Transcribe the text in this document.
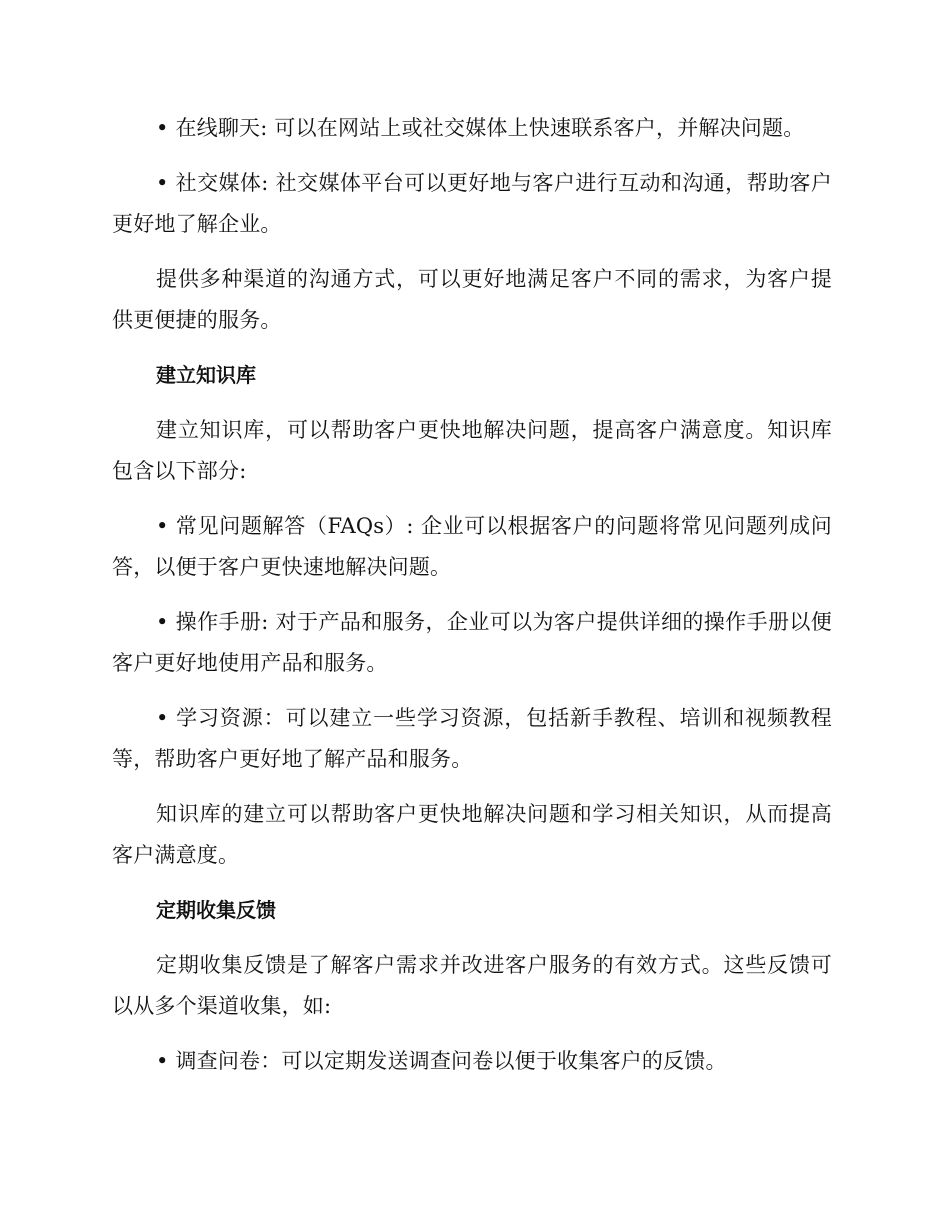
• 在线聊天: 可以在网站上或社交媒体上快速联系客户，并解决问题。

• 社交媒体: 社交媒体平台可以更好地与客户进行互动和沟通，帮助客户更好地了解企业。

提供多种渠道的沟通方式，可以更好地满足客户不同的需求，为客户提供更便捷的服务。

建立知识库

建立知识库，可以帮助客户更快地解决问题，提高客户满意度。知识库包含以下部分:

• 常见问题解答（FAQs）: 企业可以根据客户的问题将常见问题列成问答，以便于客户更快速地解决问题。

• 操作手册: 对于产品和服务，企业可以为客户提供详细的操作手册以便客户更好地使用产品和服务。

• 学习资源：可以建立一些学习资源，包括新手教程、培训和视频教程等，帮助客户更好地了解产品和服务。

知识库的建立可以帮助客户更快地解决问题和学习相关知识，从而提高客户满意度。

定期收集反馈

定期收集反馈是了解客户需求并改进客户服务的有效方式。这些反馈可以从多个渠道收集，如:

• 调查问卷：可以定期发送调查问卷以便于收集客户的反馈。
